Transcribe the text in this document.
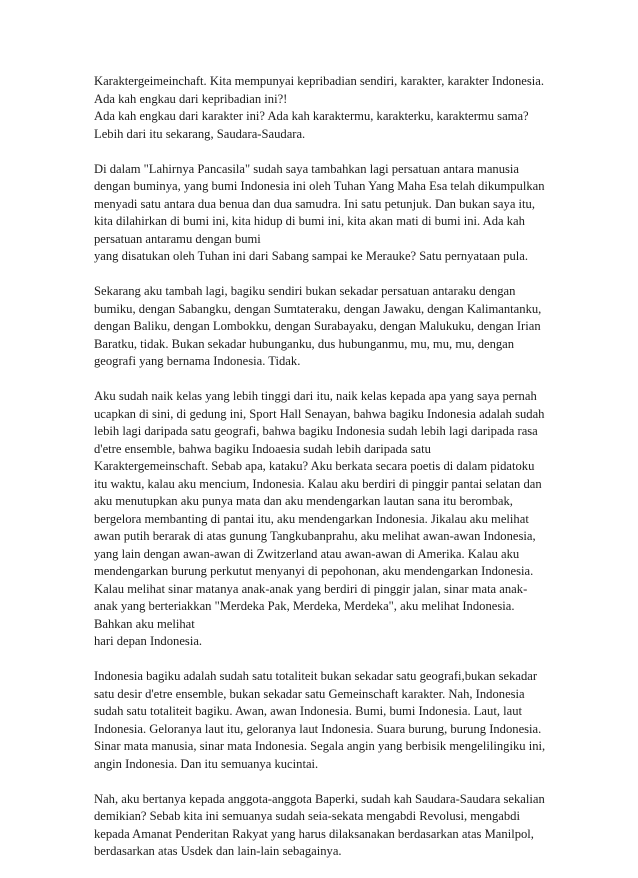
Karaktergeimeinchaft. Kita mempunyai kepribadian sendiri, karakter, karakter Indonesia.
Ada kah engkau dari kepribadian ini?!
Ada kah engkau dari karakter ini? Ada kah karaktermu, karakterku, karaktermu sama?
Lebih dari itu sekarang, Saudara-Saudara.

Di dalam "Lahirnya Pancasila" sudah saya tambahkan lagi persatuan antara manusia
dengan buminya, yang bumi Indonesia ini oleh Tuhan Yang Maha Esa telah dikumpulkan
menyadi satu antara dua benua dan dua samudra. Ini satu petunjuk. Dan bukan saya itu,
kita dilahirkan di bumi ini, kita hidup di bumi ini, kita akan mati di bumi ini. Ada kah
persatuan antaramu dengan bumi
yang disatukan oleh Tuhan ini dari Sabang sampai ke Merauke? Satu pernyataan pula.

Sekarang aku tambah lagi, bagiku sendiri bukan sekadar persatuan antaraku dengan
bumiku, dengan Sabangku, dengan Sumtateraku, dengan Jawaku, dengan Kalimantanku,
dengan Baliku, dengan Lombokku, dengan Surabayaku, dengan Malukuku, dengan Irian
Baratku, tidak. Bukan sekadar hubunganku, dus hubunganmu, mu, mu, mu, dengan
geografi yang bernama Indonesia. Tidak.

Aku sudah naik kelas yang lebih tinggi dari itu, naik kelas kepada apa yang saya pernah
ucapkan di sini, di gedung ini, Sport Hall Senayan, bahwa bagiku Indonesia adalah sudah
lebih lagi daripada satu geografi, bahwa bagiku Indonesia sudah lebih lagi daripada rasa
d'etre ensemble, bahwa bagiku Indoaesia sudah lebih daripada satu
Karaktergemeinschaft. Sebab apa, kataku? Aku berkata secara poetis di dalam pidatoku
itu waktu, kalau aku mencium, Indonesia. Kalau aku berdiri di pinggir pantai selatan dan
aku menutupkan aku punya mata dan aku mendengarkan lautan sana itu berombak,
bergelora membanting di pantai itu, aku mendengarkan Indonesia. Jikalau aku melihat
awan putih berarak di atas gunung Tangkubanprahu, aku melihat awan-awan Indonesia,
yang lain dengan awan-awan di Zwitzerland atau awan-awan di Amerika. Kalau aku
mendengarkan burung perkutut menyanyi di pepohonan, aku mendengarkan Indonesia.
Kalau melihat sinar matanya anak-anak yang berdiri di pinggir jalan, sinar mata anak-
anak yang berteriakkan "Merdeka Pak, Merdeka, Merdeka", aku melihat Indonesia.
Bahkan aku melihat
hari depan Indonesia.

Indonesia bagiku adalah sudah satu totaliteit bukan sekadar satu geografi,bukan sekadar
satu desir d'etre ensemble, bukan sekadar satu Gemeinschaft karakter. Nah, Indonesia
sudah satu totaliteit bagiku. Awan, awan Indonesia. Bumi, bumi Indonesia. Laut, laut
Indonesia. Geloranya laut itu, geloranya laut Indonesia. Suara burung, burung Indonesia.
Sinar mata manusia, sinar mata Indonesia. Segala angin yang berbisik mengelilingiku ini,
angin Indonesia. Dan itu semuanya kucintai.

Nah, aku bertanya kepada anggota-anggota Baperki, sudah kah Saudara-Saudara sekalian
demikian? Sebab kita ini semuanya sudah seia-sekata mengabdi Revolusi, mengabdi
kepada Amanat Penderitan Rakyat yang harus dilaksanakan berdasarkan atas Manilpol,
berdasarkan atas Usdek dan lain-lain sebagainya.
